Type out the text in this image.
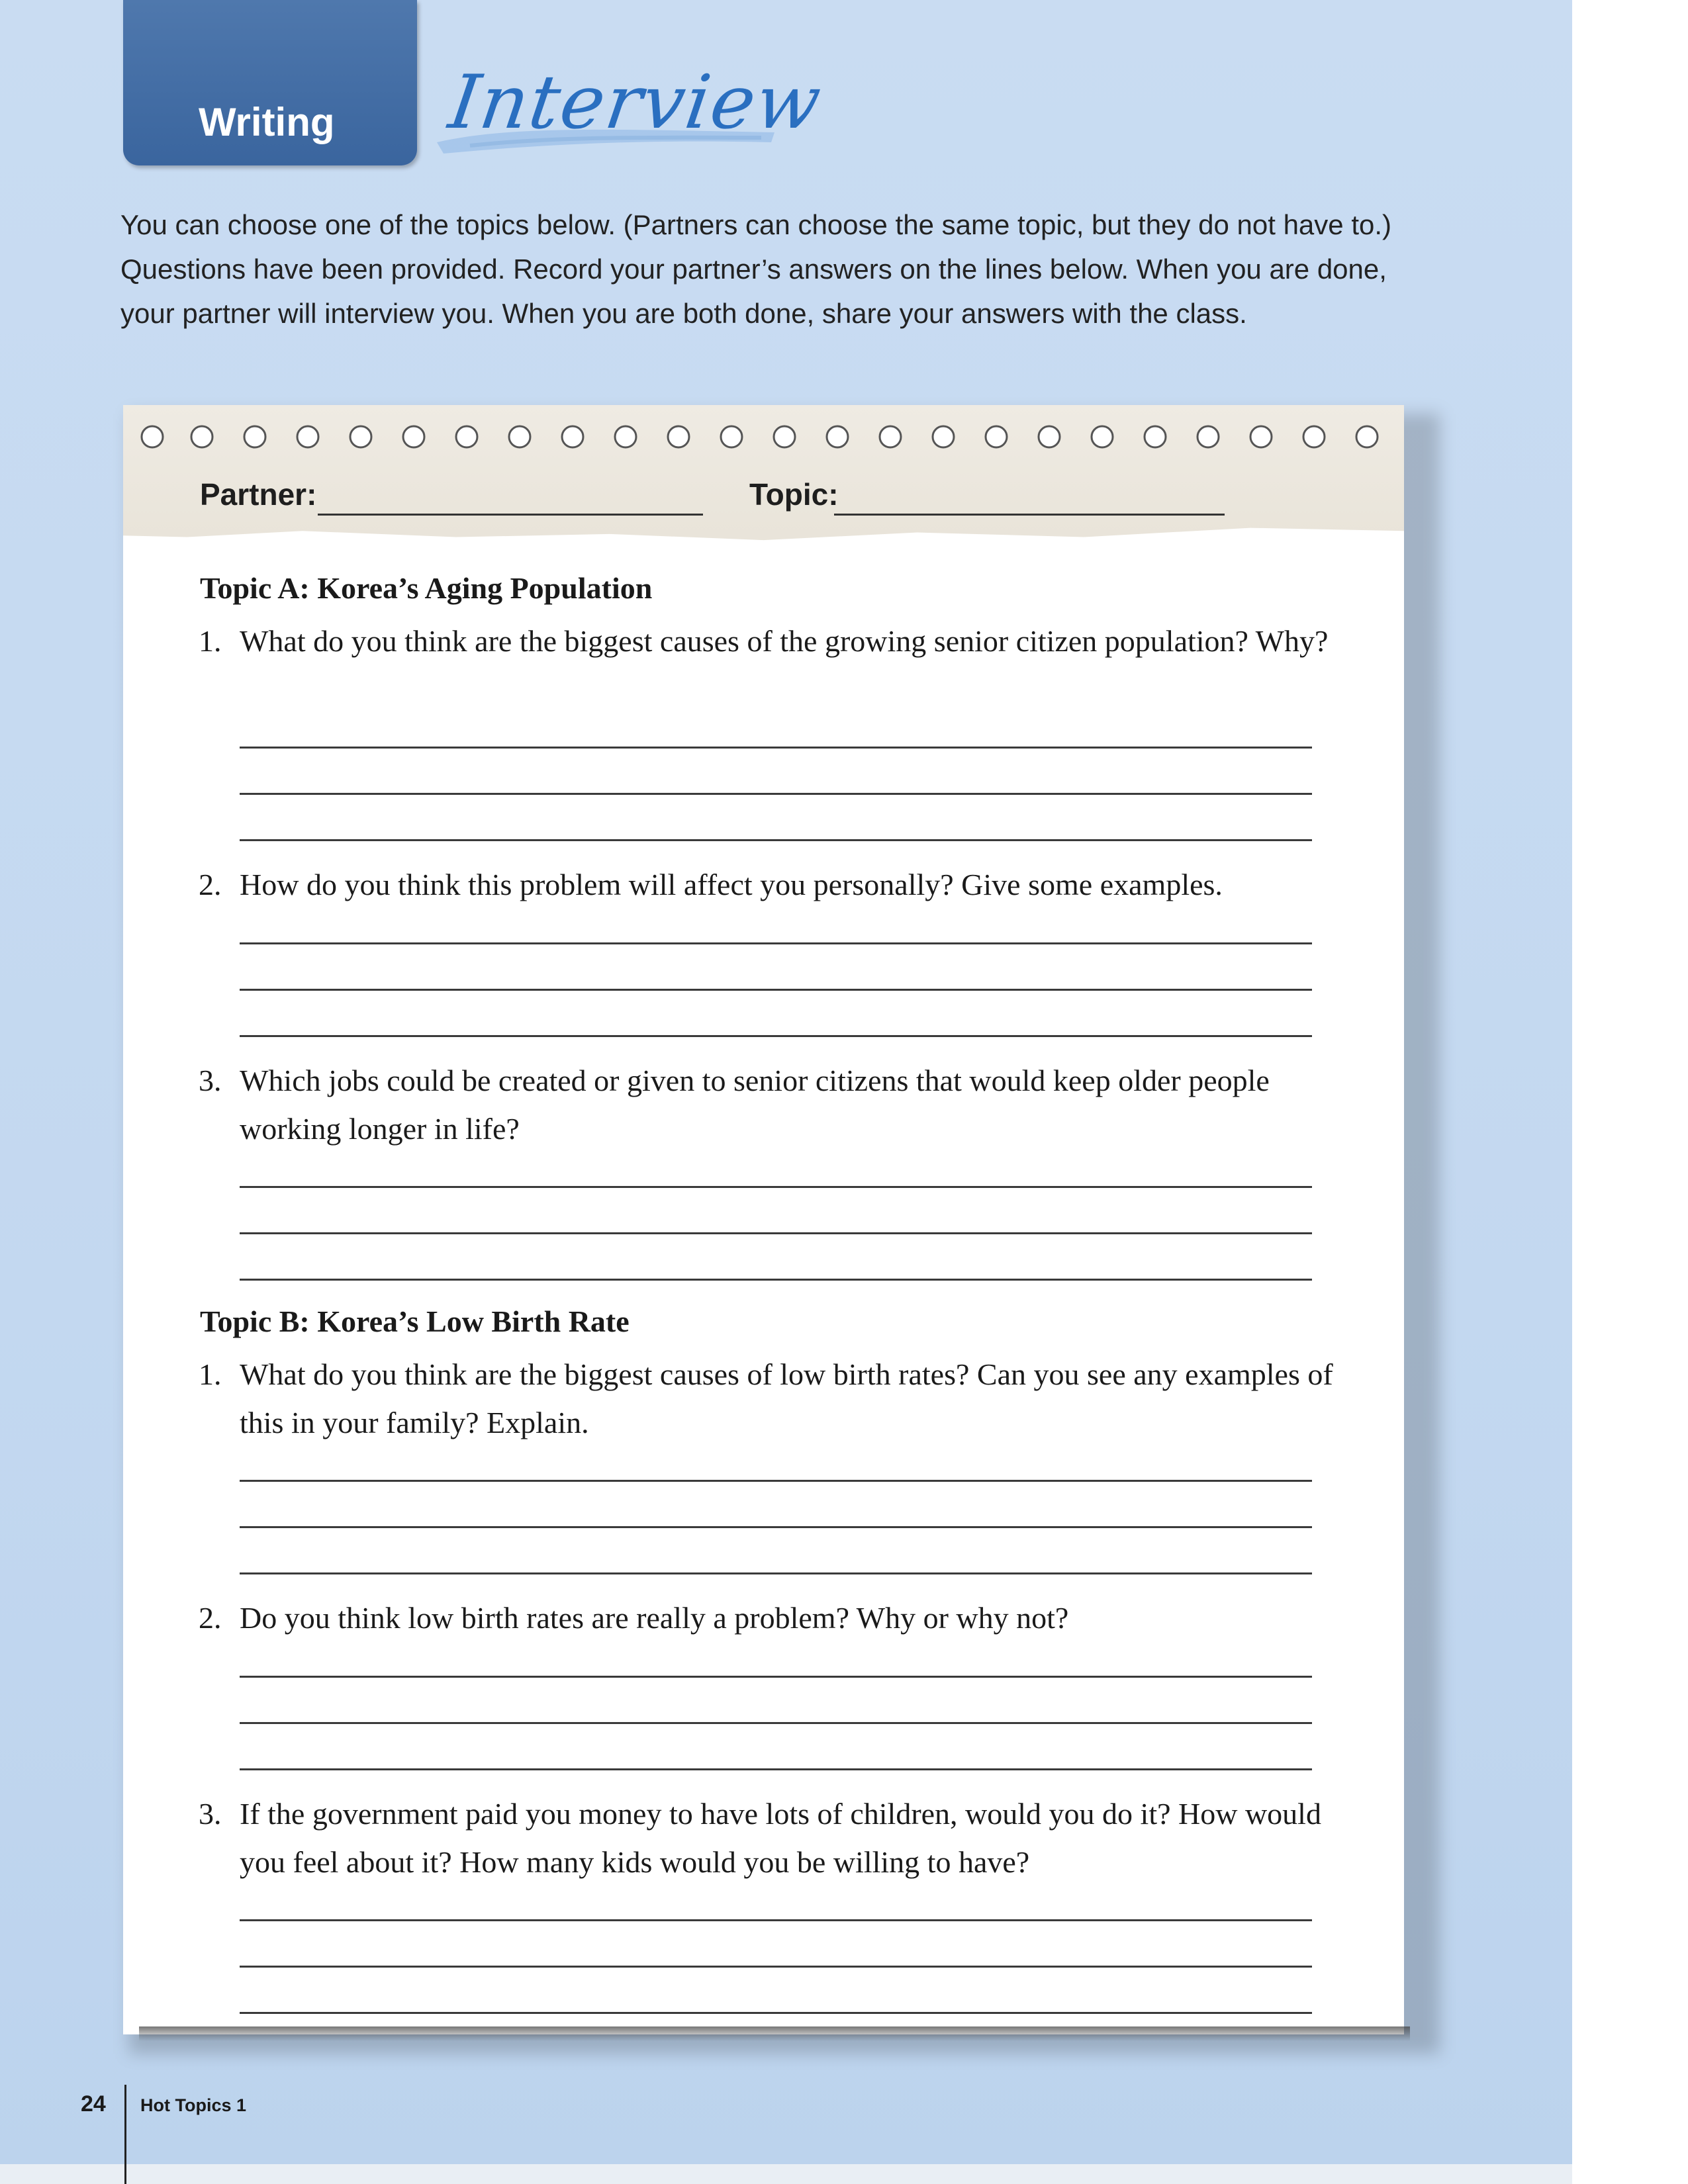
Writing Interview
You can choose one of the topics below. (Partners can choose the same topic, but they do not have to.) Questions have been provided. Record your partner’s answers on the lines below. When you are done, your partner will interview you. When you are both done, share your answers with the class.
Partner:	Topic:
Topic A: Korea’s Aging Population
1. What do you think are the biggest causes of the growing senior citizen population? Why?
2. How do you think this problem will affect you personally? Give some examples.
3. Which jobs could be created or given to senior citizens that would keep older people working longer in life?
Topic B: Korea’s Low Birth Rate
1. What do you think are the biggest causes of low birth rates? Can you see any examples of this in your family? Explain.
2. Do you think low birth rates are really a problem? Why or why not?
3. If the government paid you money to have lots of children, would you do it? How would you feel about it? How many kids would you be willing to have?
24 Hot Topics 1
